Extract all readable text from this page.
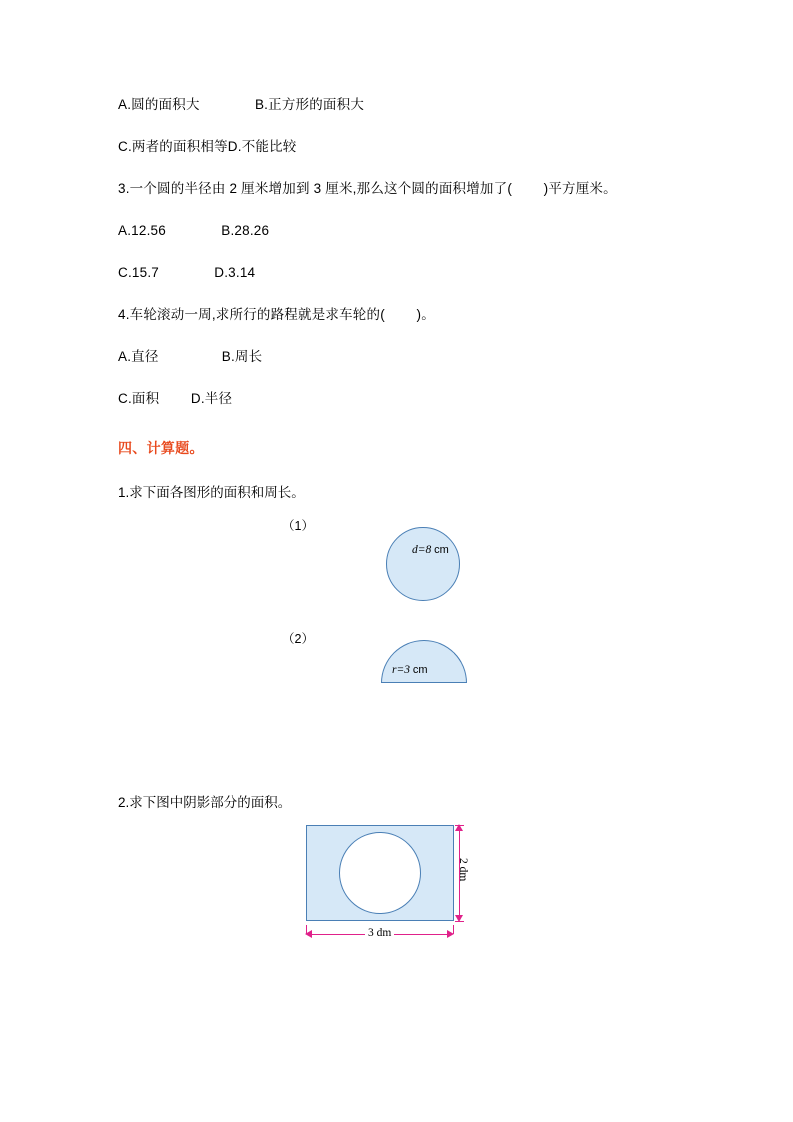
A.圆的面积大              B.正方形的面积大

C.两者的面积相等D.不能比较

3.一个圆的半径由 2 厘米增加到 3 厘米,那么这个圆的面积增加了(        )平方厘米。

A.12.56              B.28.26

C.15.7              D.3.14

4.车轮滚动一周,求所行的路程就是求车轮的(        )。

A.直径                B.周长

C.面积        D.半径

四、计算题。

1.求下面各图形的面积和周长。

（1）
d=8 cm
（2）
r=3 cm

2.求下图中阴影部分的面积。

2 dm
3 dm
